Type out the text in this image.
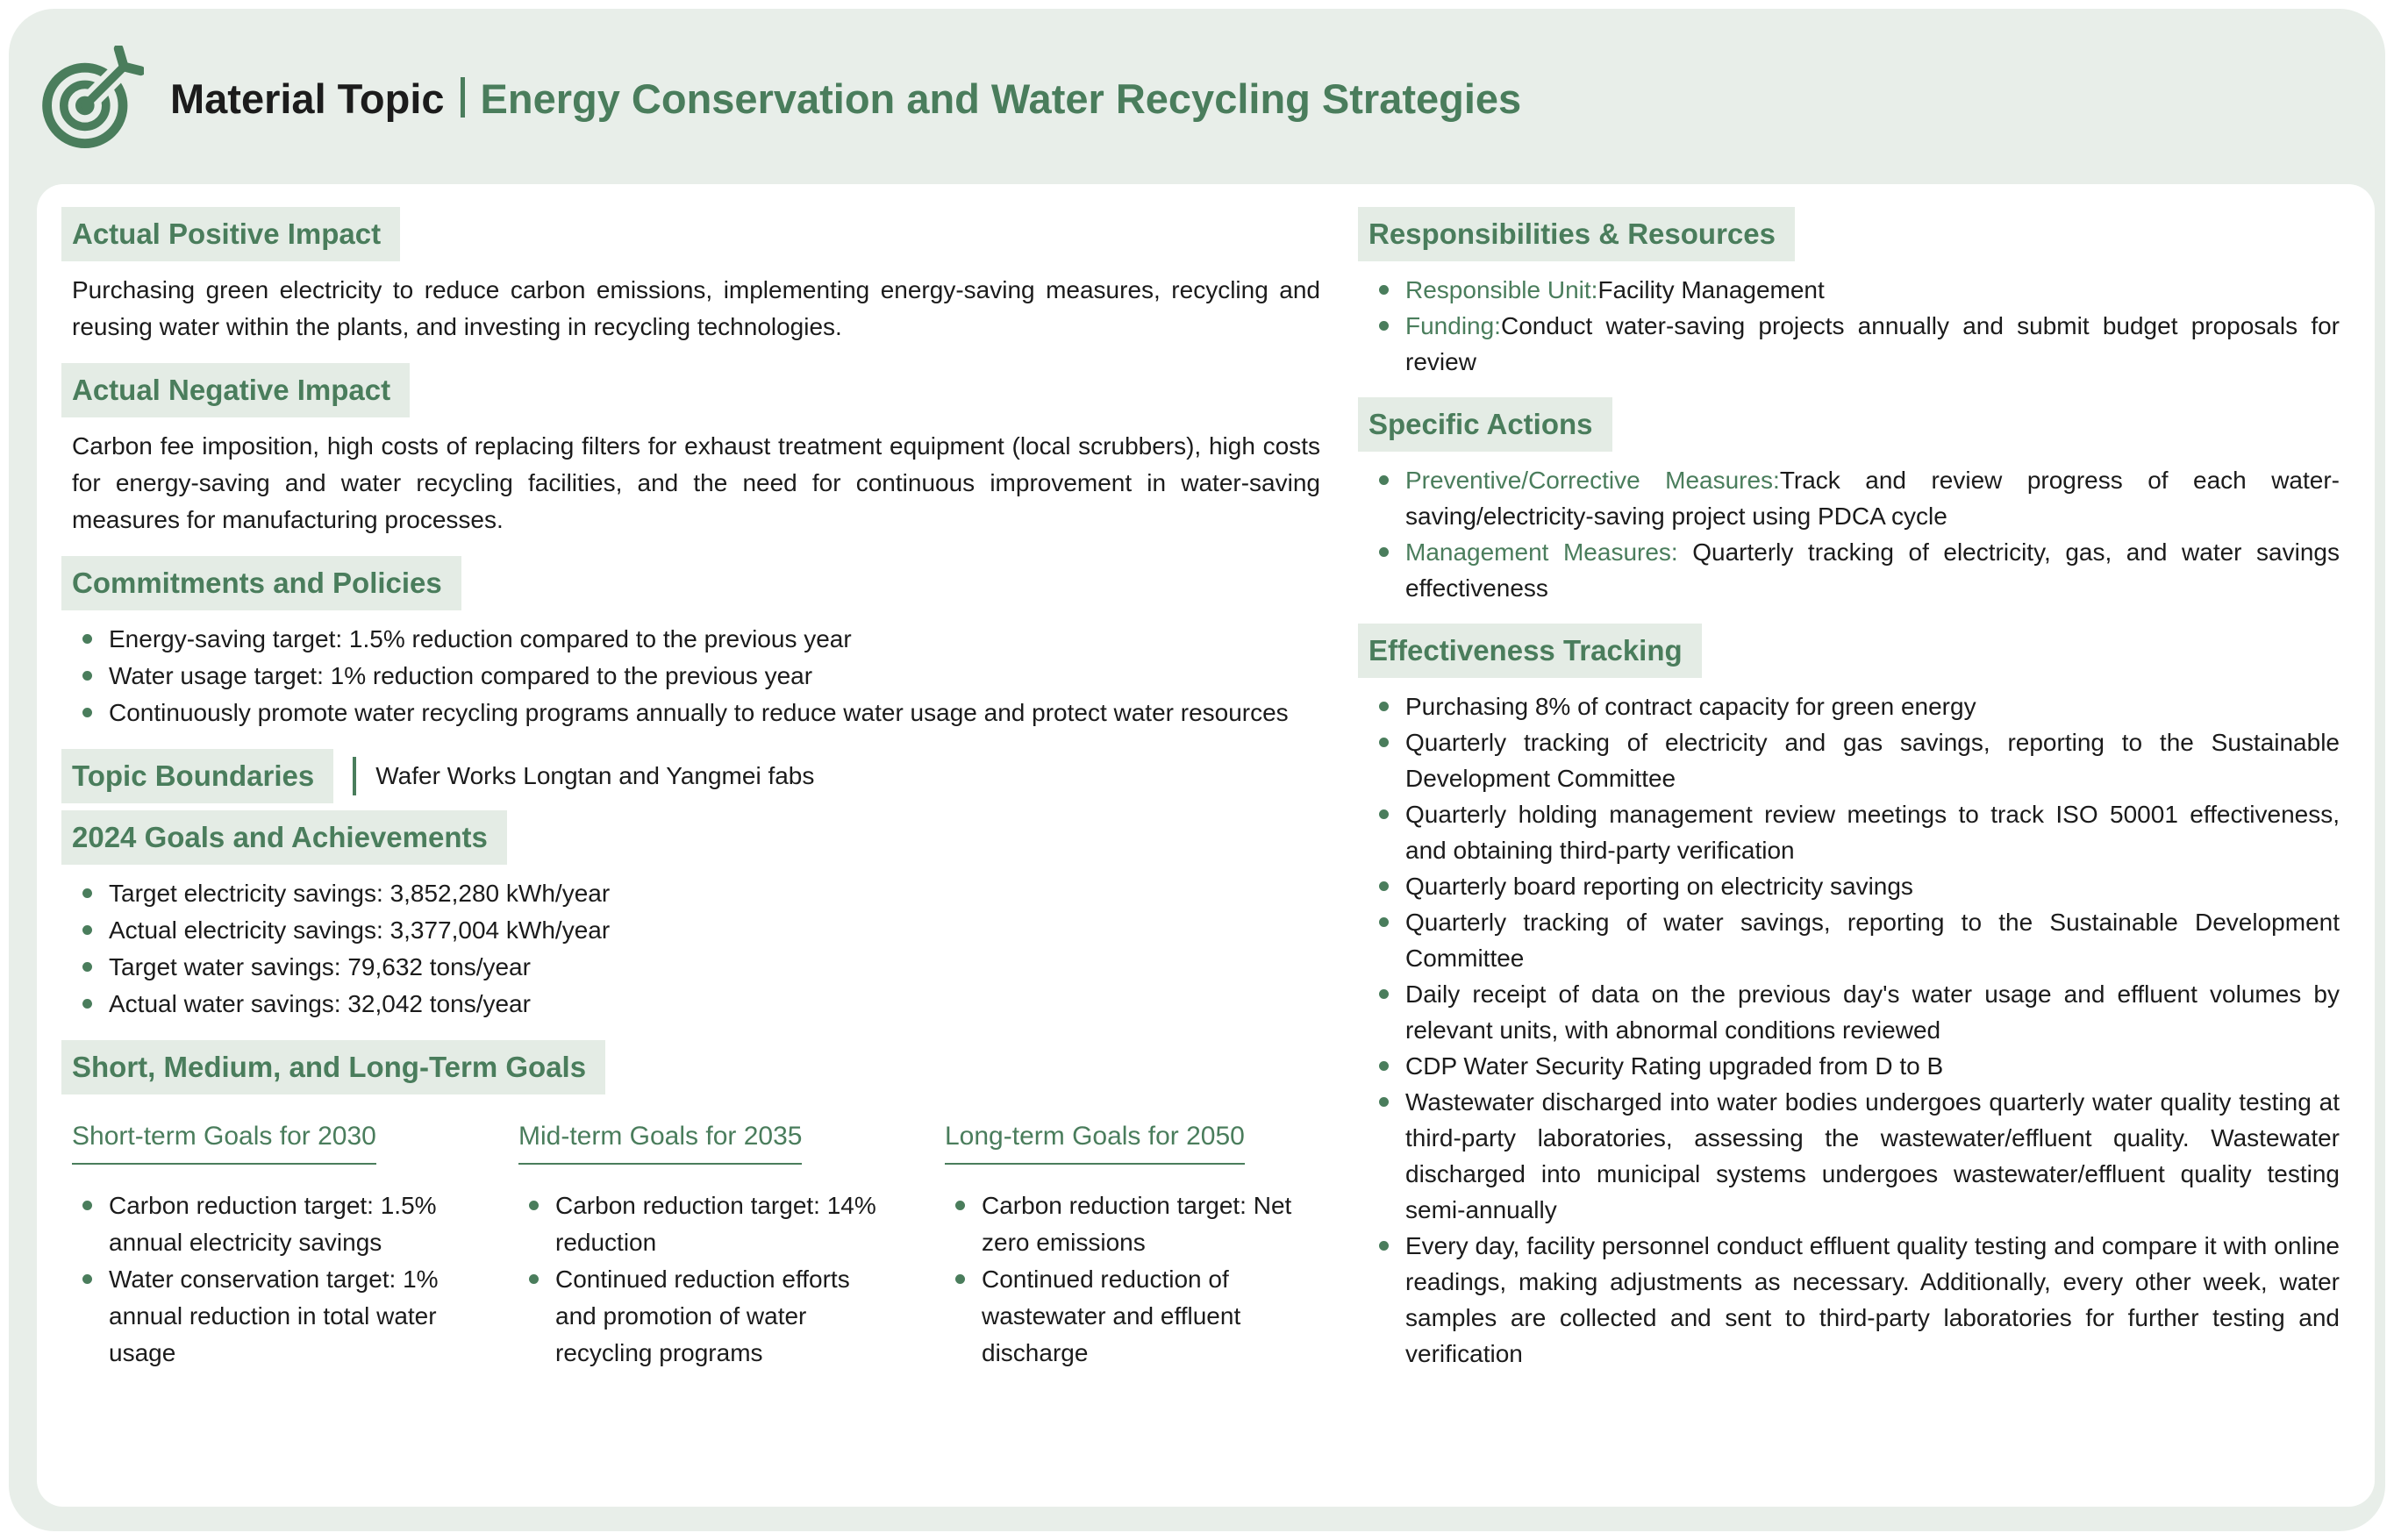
Material Topic Energy Conservation and Water Recycling Strategies
Actual Positive Impact
Purchasing green electricity to reduce carbon emissions, implementing energy-saving measures, recycling and reusing water within the plants, and investing in recycling technologies.
Actual Negative Impact
Carbon fee imposition, high costs of replacing filters for exhaust treatment equipment (local scrubbers), high costs for energy-saving and water recycling facilities, and the need for continuous improvement in water-saving measures for manufacturing processes.
Commitments and Policies
Energy-saving target: 1.5% reduction compared to the previous year
Water usage target: 1% reduction compared to the previous year
Continuously promote water recycling programs annually to reduce water usage and protect water resources
Topic Boundaries	Wafer Works Longtan and Yangmei fabs
2024 Goals and Achievements
Target electricity savings: 3,852,280 kWh/year
Actual electricity savings: 3,377,004 kWh/year
Target water savings: 79,632 tons/year
Actual water savings: 32,042 tons/year
Short, Medium, and Long-Term Goals
Short-term Goals for 2030
Carbon reduction target: 1.5% annual electricity savings
Water conservation target: 1% annual reduction in total water usage
Mid-term Goals for 2035
Carbon reduction target: 14% reduction
Continued reduction efforts and promotion of water recycling programs
Long-term Goals for 2050
Carbon reduction target: Net zero emissions
Continued reduction of wastewater and effluent discharge
Responsibilities & Resources
Responsible Unit:Facility Management
Funding:Conduct water-saving projects annually and submit budget proposals for review
Specific Actions
Preventive/Corrective Measures:Track and review progress of each water-saving/electricity-saving project using PDCA cycle
Management Measures: Quarterly tracking of electricity, gas, and water savings effectiveness
Effectiveness Tracking
Purchasing 8% of contract capacity for green energy
Quarterly tracking of electricity and gas savings, reporting to the Sustainable Development Committee
Quarterly holding management review meetings to track ISO 50001 effectiveness, and obtaining third-party verification
Quarterly board reporting on electricity savings
Quarterly tracking of water savings, reporting to the Sustainable Development Committee
Daily receipt of data on the previous day's water usage and effluent volumes by relevant units, with abnormal conditions reviewed
CDP Water Security Rating upgraded from D to B
Wastewater discharged into water bodies undergoes quarterly water quality testing at third-party laboratories, assessing the wastewater/effluent quality. Wastewater discharged into municipal systems undergoes wastewater/effluent quality testing semi-annually
Every day, facility personnel conduct effluent quality testing and compare it with online readings, making adjustments as necessary. Additionally, every other week, water samples are collected and sent to third-party laboratories for further testing and verification
